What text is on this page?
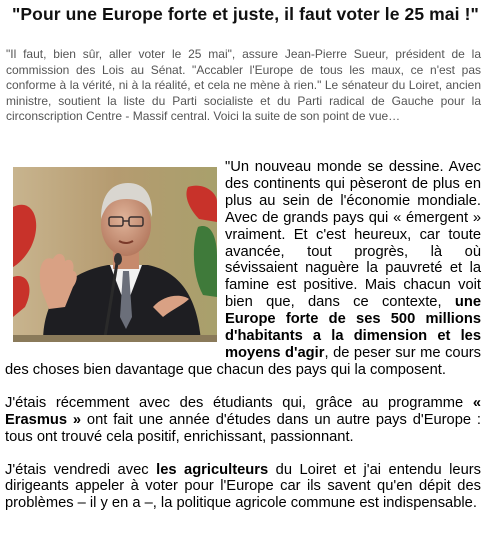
"Pour une Europe forte et juste, il faut voter le 25 mai !"

"Il faut, bien sûr, aller voter le 25 mai", assure Jean-Pierre Sueur, président de la commission des Lois au Sénat. "Accabler l'Europe de tous les maux, ce n'est pas conforme à la vérité, ni à la réalité, et cela ne mène à rien." Le sénateur du Loiret, ancien ministre, soutient la liste du Parti socialiste et du Parti radical de Gauche pour la circonscription Centre - Massif central. Voici la suite de son point de vue…

"Un nouveau monde se dessine. Avec des continents qui pèseront de plus en plus au sein de l'économie mondiale. Avec de grands pays qui « émergent » vraiment. Et c'est heureux, car toute avancée, tout progrès, là où sévissaient naguère la pauvreté et la famine est positive. Mais chacun voit bien que, dans ce contexte, une Europe forte de ses 500 millions d'habitants a la dimension et les moyens d'agir, de peser sur me cours des choses bien davantage que chacun des pays qui la composent.

J'étais récemment avec des étudiants qui, grâce au programme « Erasmus » ont fait une année d'études dans un autre pays d'Europe : tous ont trouvé cela positif, enrichissant, passionnant.

J'étais vendredi avec les agriculteurs du Loiret et j'ai entendu leurs dirigeants appeler à voter pour l'Europe car ils savent qu'en dépit des problèmes – il y en a –, la politique agricole commune est indispensable.
